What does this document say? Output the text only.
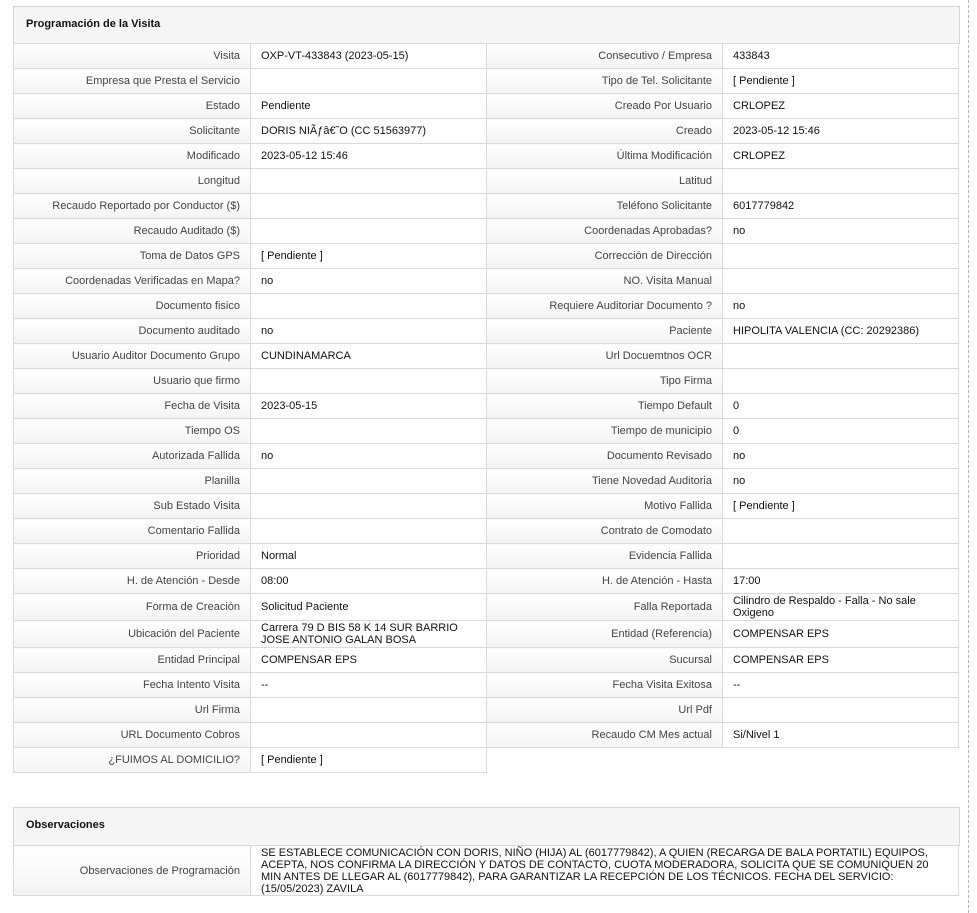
Programación de la Visita
Visita	OXP-VT-433843 (2023-05-15)	Consecutivo / Empresa	433843
Empresa que Presta el Servicio		Tipo de Tel. Solicitante	[ Pendiente ]
Estado	Pendiente	Creado Por Usuario	CRLOPEZ
Solicitante	DORIS NIÃƒâ€˜O (CC 51563977)	Creado	2023-05-12 15:46
Modificado	2023-05-12 15:46	Última Modificación	CRLOPEZ
Longitud		Latitud	
Recaudo Reportado por Conductor ($)		Teléfono Solicitante	6017779842
Recaudo Auditado ($)		Coordenadas Aprobadas?	no
Toma de Datos GPS	[ Pendiente ]	Corrección de Dirección	
Coordenadas Verificadas en Mapa?	no	NO. Visita Manual	
Documento fisico		Requiere Auditoriar Documento ?	no
Documento auditado	no	Paciente	HIPOLITA VALENCIA (CC: 20292386)
Usuario Auditor Documento Grupo	CUNDINAMARCA	Url Docuemtnos OCR	
Usuario que firmo		Tipo Firma	
Fecha de Visita	2023-05-15	Tiempo Default	0
Tiempo OS		Tiempo de municipio	0
Autorizada Fallida	no	Documento Revisado	no
Planilla		Tiene Novedad Auditoria	no
Sub Estado Visita		Motivo Fallida	[ Pendiente ]
Comentario Fallida		Contrato de Comodato	
Prioridad	Normal	Evidencia Fallida	
H. de Atención - Desde	08:00	H. de Atención - Hasta	17:00
Forma de Creación	Solicitud Paciente	Falla Reportada	Cilindro de Respaldo - Falla - No sale Oxigeno
Ubicación del Paciente	Carrera 79 D BIS 58 K 14 SUR BARRIO JOSE ANTONIO GALAN BOSA	Entidad (Referencia)	COMPENSAR EPS
Entidad Principal	COMPENSAR EPS	Sucursal	COMPENSAR EPS
Fecha Intento Visita	--	Fecha Visita Exitosa	--
Url Firma		Url Pdf	
URL Documento Cobros		Recaudo CM Mes actual	Si/Nivel 1
¿FUIMOS AL DOMICILIO?	[ Pendiente ]		
Observaciones
Observaciones de Programación	SE ESTABLECE COMUNICACIÓN CON DORIS, NIÑO (HIJA) AL (6017779842), A QUIEN (RECARGA DE BALA PORTATIL) EQUIPOS, ACEPTA, NOS CONFIRMA LA DIRECCIÓN Y DATOS DE CONTACTO, CUOTA MODERADORA, SOLICITA QUE SE COMUNIQUEN 20 MIN ANTES DE LLEGAR AL (6017779842), PARA GARANTIZAR LA RECEPCIÓN DE LOS TÉCNICOS. FECHA DEL SERVICIO:(15/05/2023) ZAVILA
